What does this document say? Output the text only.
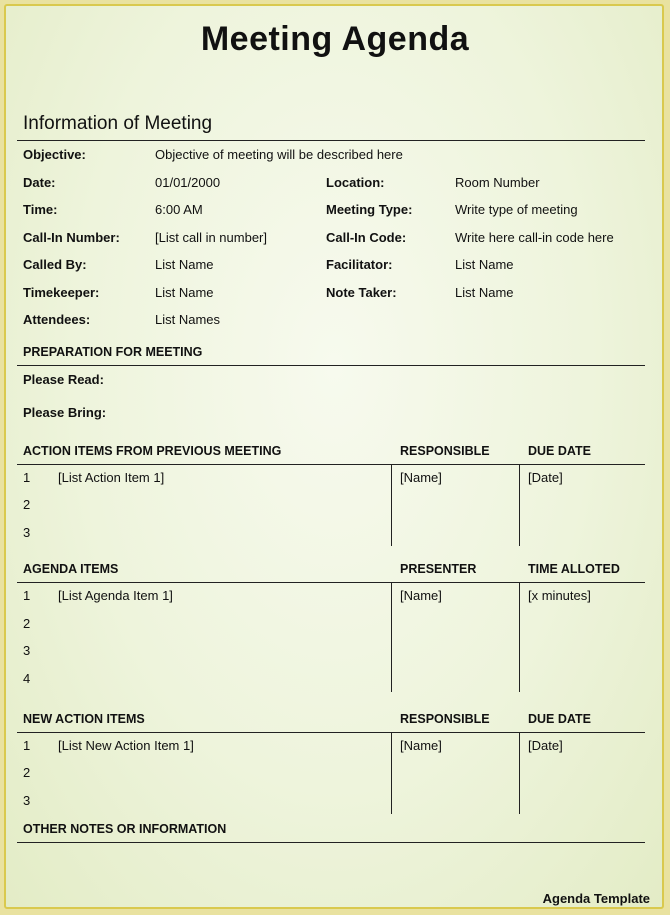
Meeting Agenda
Information of Meeting
Objective:	Objective of meeting will be described here
Date:	01/01/2000	Location:	Room Number
Time:	6:00 AM	Meeting Type:	Write type of meeting
Call-In Number:	[List call in number]	Call-In Code:	Write here call-in code here
Called By:	List Name	Facilitator:	List Name
Timekeeper:	List Name	Note Taker:	List Name
Attendees:	List Names
PREPARATION FOR MEETING
Please Read:
Please Bring:
ACTION ITEMS FROM PREVIOUS MEETING	RESPONSIBLE	DUE DATE
1 [List Action Item 1]	[Name]	[Date]
2
3
AGENDA ITEMS	PRESENTER	TIME ALLOTED
1 [List Agenda Item 1]	[Name]	[x minutes]
2
3
4
NEW ACTION ITEMS	RESPONSIBLE	DUE DATE
1 [List New Action Item 1]	[Name]	[Date]
2
3
OTHER NOTES OR INFORMATION
Agenda Template
